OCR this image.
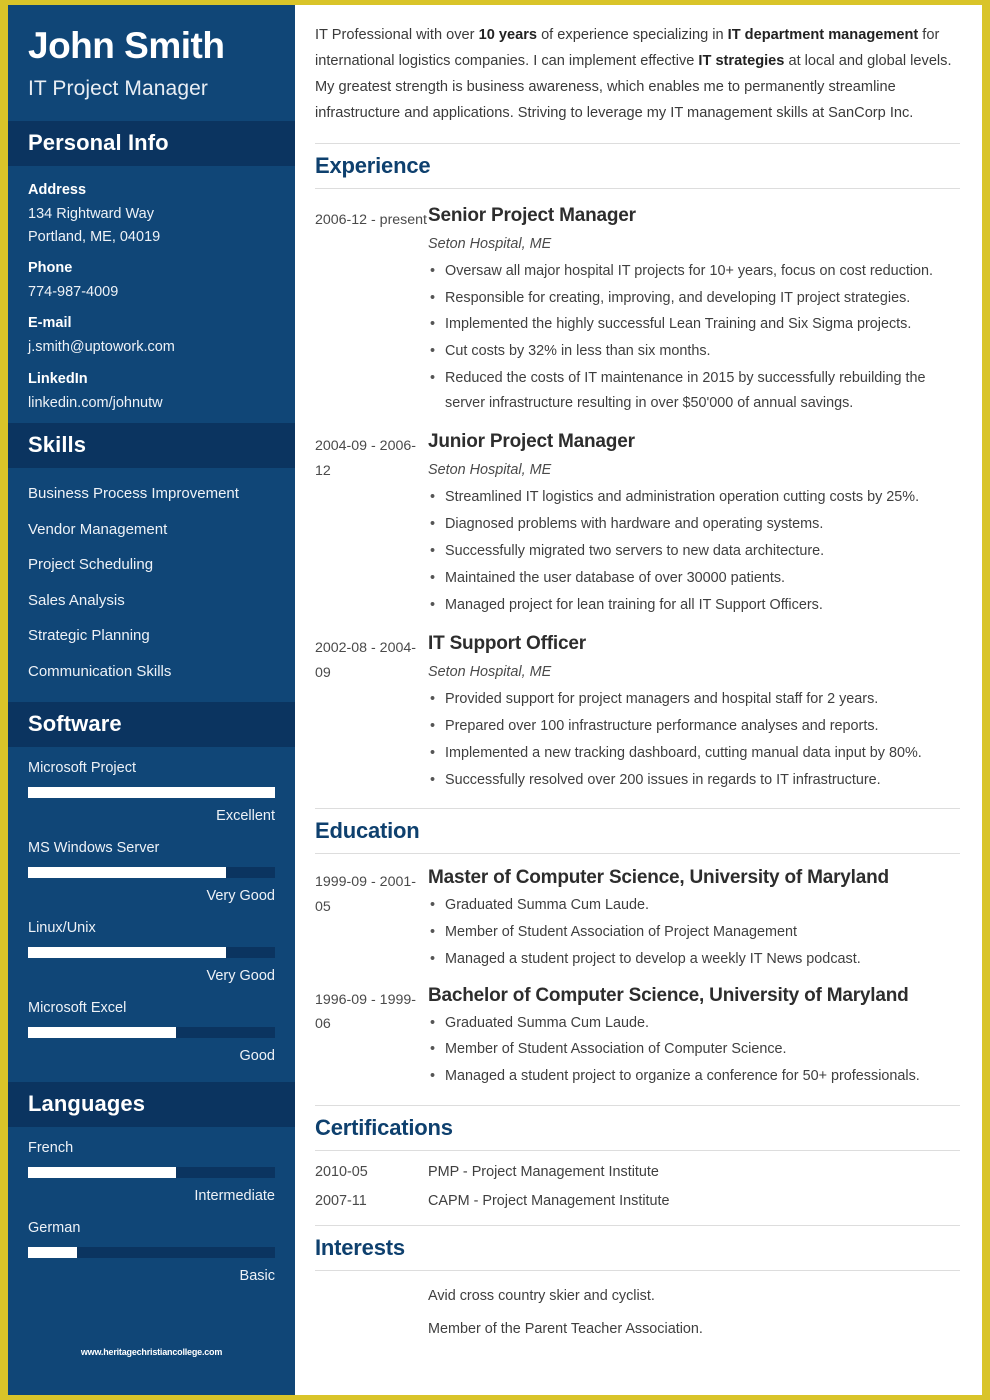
John Smith
IT Project Manager
Personal Info
Address
134 Rightward Way
Portland, ME, 04019
Phone
774-987-4009
E-mail
j.smith@uptowork.com
LinkedIn
linkedin.com/johnutw
Skills
Business Process Improvement
Vendor Management
Project Scheduling
Sales Analysis
Strategic Planning
Communication Skills
Software
Microsoft Project
Excellent
MS Windows Server
Very Good
Linux/Unix
Very Good
Microsoft Excel
Good
Languages
French
Intermediate
German
Basic
www.heritagechristiancollege.com

IT Professional with over 10 years of experience specializing in IT department management for international logistics companies. I can implement effective IT strategies at local and global levels. My greatest strength is business awareness, which enables me to permanently streamline infrastructure and applications. Striving to leverage my IT management skills at SanCorp Inc.

Experience
2006-12 - present Senior Project Manager
Seton Hospital, ME
• Oversaw all major hospital IT projects for 10+ years, focus on cost reduction.
• Responsible for creating, improving, and developing IT project strategies.
• Implemented the highly successful Lean Training and Six Sigma projects.
• Cut costs by 32% in less than six months.
• Reduced the costs of IT maintenance in 2015 by successfully rebuilding the server infrastructure resulting in over $50'000 of annual savings.
2004-09 - 2006-12
Junior Project Manager
Seton Hospital, ME
• Streamlined IT logistics and administration operation cutting costs by 25%.
• Diagnosed problems with hardware and operating systems.
• Successfully migrated two servers to new data architecture.
• Maintained the user database of over 30000 patients.
• Managed project for lean training for all IT Support Officers.
2002-08 - 2004-09
IT Support Officer
Seton Hospital, ME
• Provided support for project managers and hospital staff for 2 years.
• Prepared over 100 infrastructure performance analyses and reports.
• Implemented a new tracking dashboard, cutting manual data input by 80%.
• Successfully resolved over 200 issues in regards to IT infrastructure.
Education
1999-09 - 2001-05
Master of Computer Science, University of Maryland
• Graduated Summa Cum Laude.
• Member of Student Association of Project Management
• Managed a student project to develop a weekly IT News podcast.
1996-09 - 1999-06
Bachelor of Computer Science, University of Maryland
• Graduated Summa Cum Laude.
• Member of Student Association of Computer Science.
• Managed a student project to organize a conference for 50+ professionals.
Certifications
2010-05	PMP - Project Management Institute
2007-11	CAPM - Project Management Institute
Interests
Avid cross country skier and cyclist.
Member of the Parent Teacher Association.
